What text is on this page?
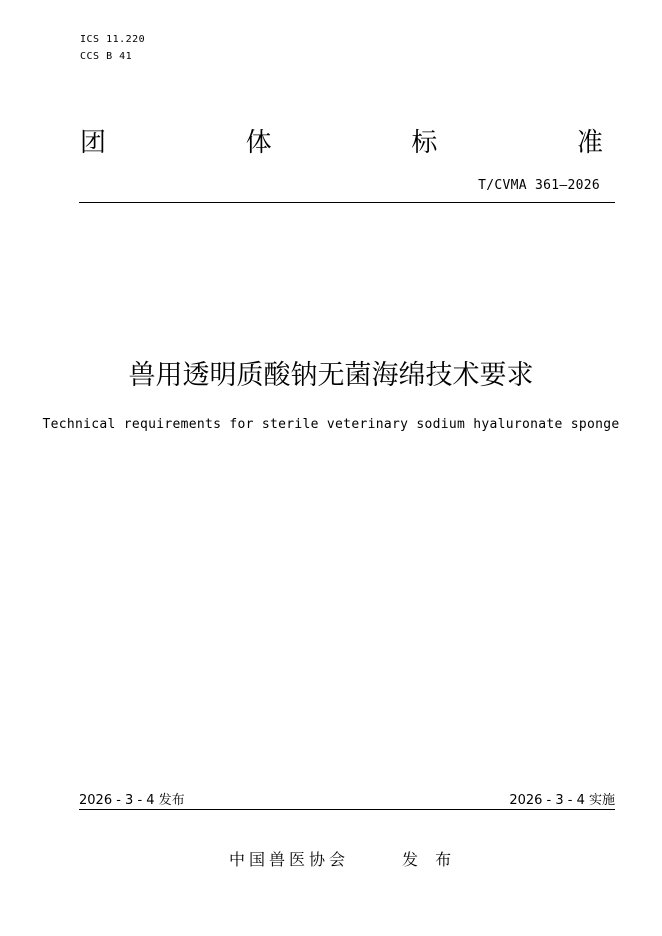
ICS 11.220
CCS B 41
团	体	标	准
T/CVMA 361—2026
兽用透明质酸钠无菌海绵技术要求
Technical requirements for sterile veterinary sodium hyaluronate sponge
2026 - 3 - 4 发布	2026 - 3 - 4 实施
中国兽医协会	发 布
